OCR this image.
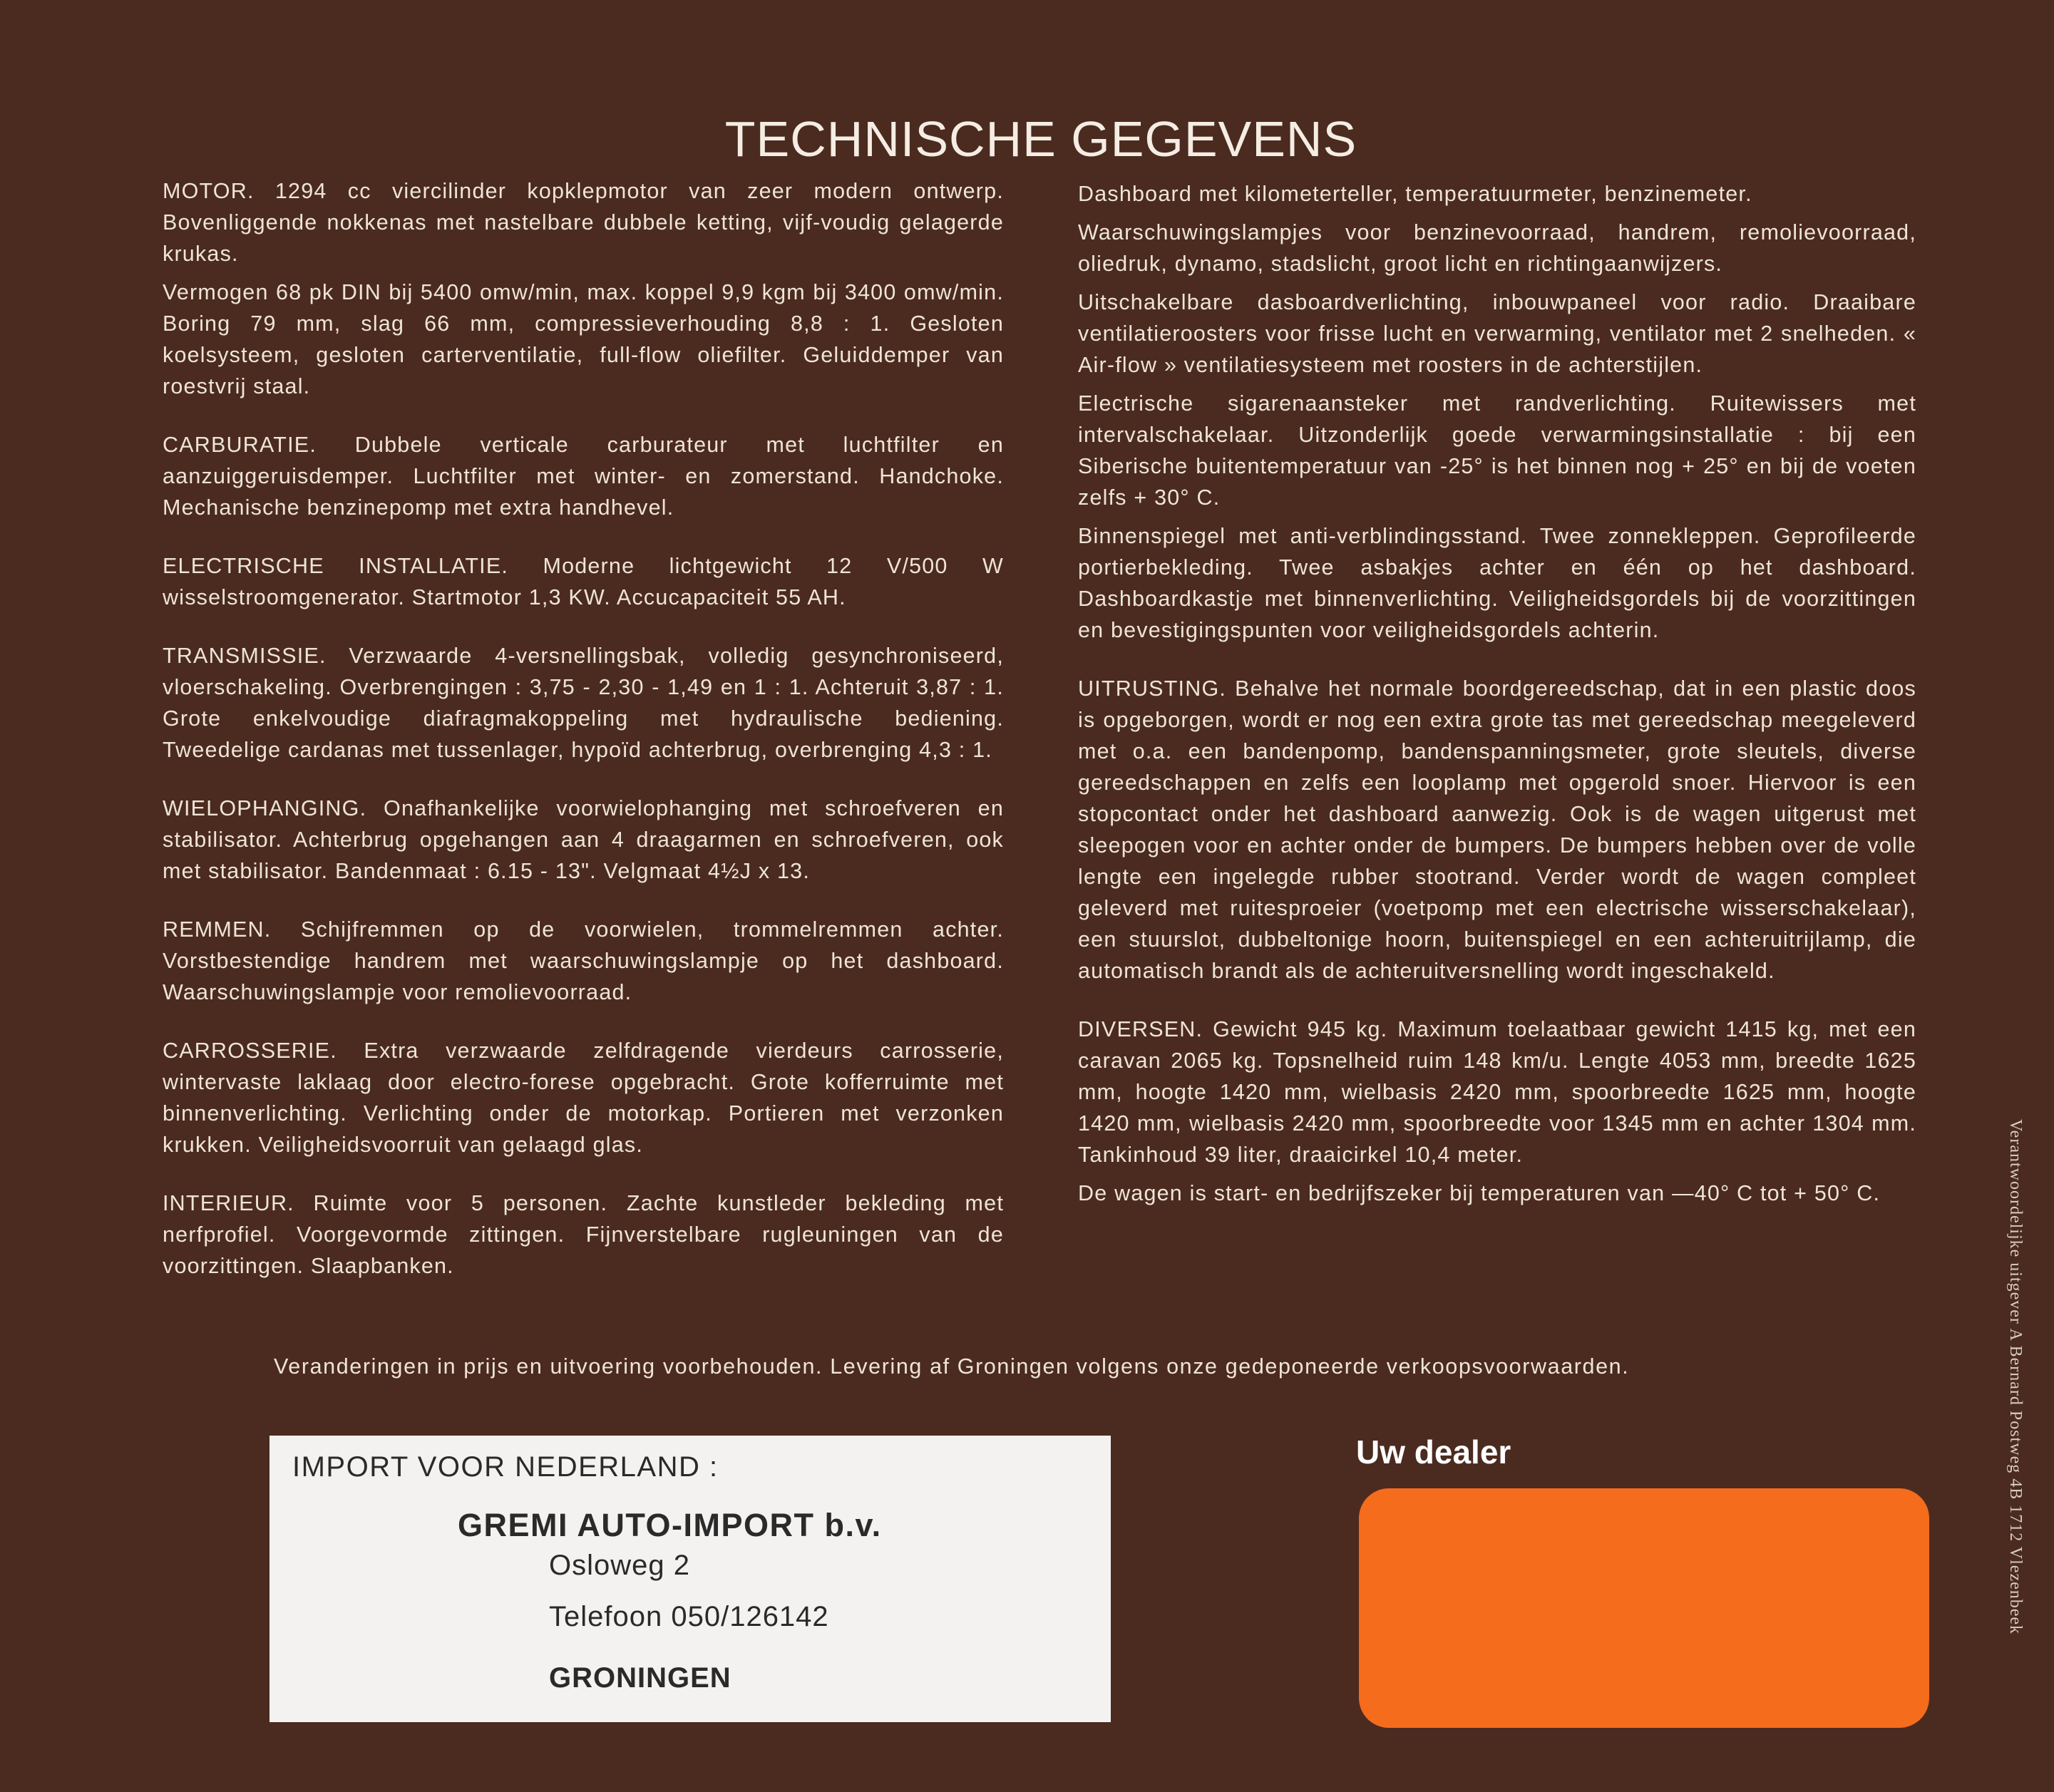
TECHNISCHE GEGEVENS

MOTOR. 1294 cc viercilinder kopklepmotor van zeer modern ontwerp. Bovenliggende nokkenas met nastelbare dubbele ketting, vijf-voudig gelagerde krukas.

Vermogen 68 pk DIN bij 5400 omw/min, max. koppel 9,9 kgm bij 3400 omw/min. Boring 79 mm, slag 66 mm, compressieverhouding 8,8 : 1. Gesloten koelsysteem, gesloten carterventilatie, full-flow oliefilter. Geluiddemper van roestvrij staal.

CARBURATIE. Dubbele verticale carburateur met luchtfilter en aanzuiggeruisdemper. Luchtfilter met winter- en zomerstand. Handchoke. Mechanische benzinepomp met extra handhevel.

ELECTRISCHE INSTALLATIE. Moderne lichtgewicht 12 V/500 W wisselstroomgenerator. Startmotor 1,3 KW. Accucapaciteit 55 AH.

TRANSMISSIE. Verzwaarde 4-versnellingsbak, volledig gesynchroniseerd, vloerschakeling. Overbrengingen : 3,75 - 2,30 - 1,49 en 1 : 1. Achteruit 3,87 : 1. Grote enkelvoudige diafragmakoppeling met hydraulische bediening. Tweedelige cardanas met tussenlager, hypoïd achterbrug, overbrenging 4,3 : 1.

WIELOPHANGING. Onafhankelijke voorwielophanging met schroefveren en stabilisator. Achterbrug opgehangen aan 4 draagarmen en schroefveren, ook met stabilisator. Bandenmaat : 6.15 - 13". Velgmaat 4½J x 13.

REMMEN. Schijfremmen op de voorwielen, trommelremmen achter. Vorstbestendige handrem met waarschuwingslampje op het dashboard. Waarschuwingslampje voor remolievoorraad.

CARROSSERIE. Extra verzwaarde zelfdragende vierdeurs carrosserie, wintervaste laklaag door electro-forese opgebracht. Grote kofferruimte met binnenverlichting. Verlichting onder de motorkap. Portieren met verzonken krukken. Veiligheidsvoorruit van gelaagd glas.

INTERIEUR. Ruimte voor 5 personen. Zachte kunstleder bekleding met nerfprofiel. Voorgevormde zittingen. Fijnverstelbare rugleuningen van de voorzittingen. Slaapbanken.

Dashboard met kilometerteller, temperatuurmeter, benzinemeter.

Waarschuwingslampjes voor benzinevoorraad, handrem, remolievoorraad, oliedruk, dynamo, stadslicht, groot licht en richtingaanwijzers.

Uitschakelbare dasboardverlichting, inbouwpaneel voor radio. Draaibare ventilatieroosters voor frisse lucht en verwarming, ventilator met 2 snelheden. « Air-flow » ventilatiesysteem met roosters in de achterstijlen.

Electrische sigarenaansteker met randverlichting. Ruitewissers met intervalschakelaar. Uitzonderlijk goede verwarmingsinstallatie : bij een Siberische buitentemperatuur van -25° is het binnen nog + 25° en bij de voeten zelfs + 30° C.

Binnenspiegel met anti-verblindingsstand. Twee zonnekleppen. Geprofileerde portierbekleding. Twee asbakjes achter en één op het dashboard. Dashboardkastje met binnenverlichting. Veiligheidsgordels bij de voorzittingen en bevestigingspunten voor veiligheidsgordels achterin.

UITRUSTING. Behalve het normale boordgereedschap, dat in een plastic doos is opgeborgen, wordt er nog een extra grote tas met gereedschap meegeleverd met o.a. een bandenpomp, bandenspanningsmeter, grote sleutels, diverse gereedschappen en zelfs een looplamp met opgerold snoer. Hiervoor is een stopcontact onder het dashboard aanwezig. Ook is de wagen uitgerust met sleepogen voor en achter onder de bumpers. De bumpers hebben over de volle lengte een ingelegde rubber stootrand. Verder wordt de wagen compleet geleverd met ruitesproeier (voetpomp met een electrische wisserschakelaar), een stuurslot, dubbeltonige hoorn, buitenspiegel en een achteruitrijlamp, die automatisch brandt als de achteruitversnelling wordt ingeschakeld.

DIVERSEN. Gewicht 945 kg. Maximum toelaatbaar gewicht 1415 kg, met een caravan 2065 kg. Topsnelheid ruim 148 km/u. Lengte 4053 mm, breedte 1625 mm, hoogte 1420 mm, wielbasis 2420 mm, spoorbreedte 1625 mm, hoogte 1420 mm, wielbasis 2420 mm, spoorbreedte voor 1345 mm en achter 1304 mm. Tankinhoud 39 liter, draaicirkel 10,4 meter.

De wagen is start- en bedrijfszeker bij temperaturen van —40° C tot + 50° C.

Veranderingen in prijs en uitvoering voorbehouden. Levering af Groningen volgens onze gedeponeerde verkoopsvoorwaarden.	Verantwoordelijke uitgever A Bernard Postweg 4B 1712 Vlezenbeek
IMPORT VOOR NEDERLAND :
GREMI AUTO-IMPORT b.v.
Osloweg 2
Telefoon 050/126142
GRONINGEN
Uw dealer
